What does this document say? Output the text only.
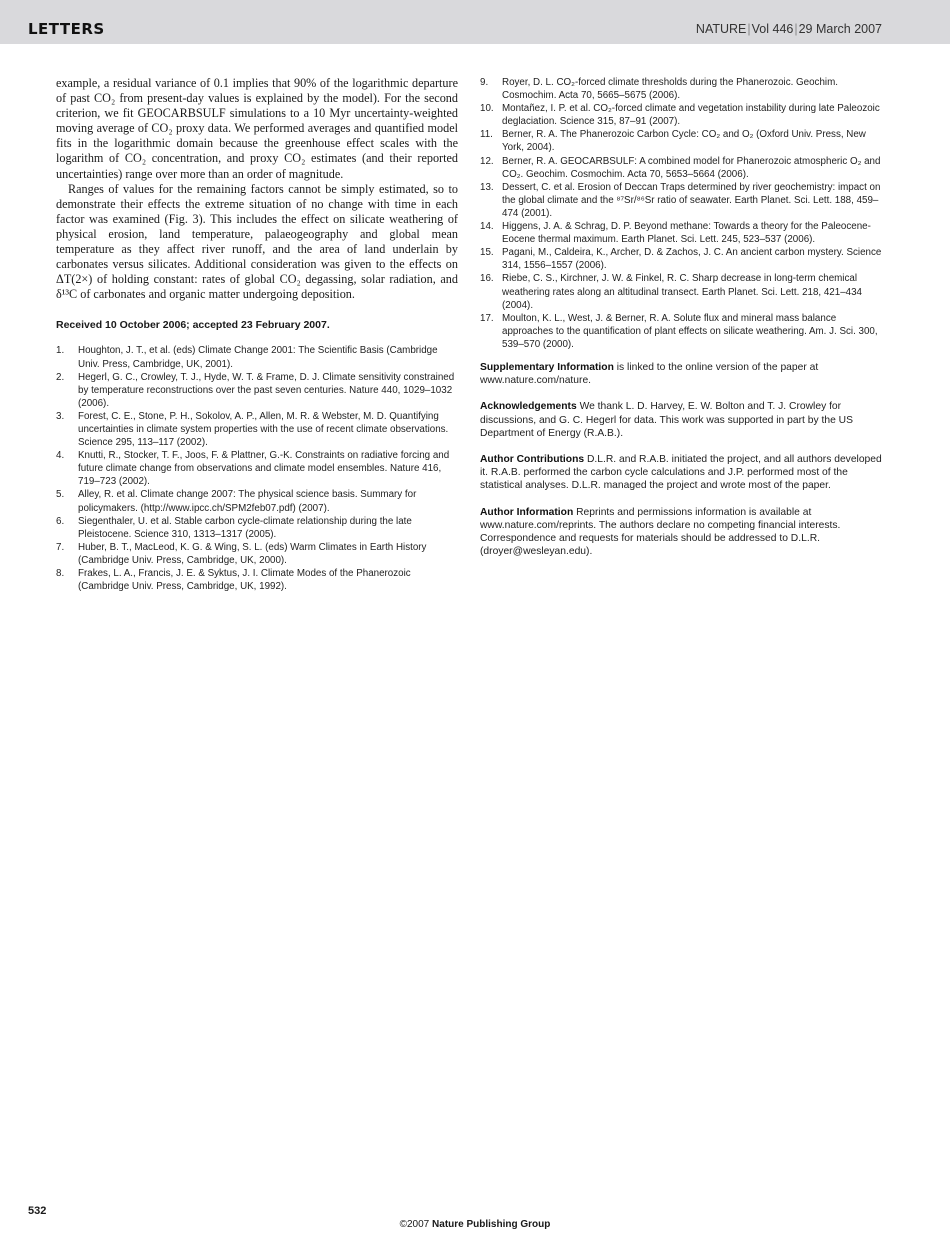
LETTERS	NATURE|Vol 446|29 March 2007

example, a residual variance of 0.1 implies that 90% of the logarithmic departure of past CO₂ from present-day values is explained by the model). For the second criterion, we fit GEOCARBSULF simulations to a 10 Myr uncertainty-weighted moving average of CO₂ proxy data. We performed averages and quantified model fits in the logarithmic domain because the greenhouse effect scales with the logarithm of CO₂ concentration, and proxy CO₂ estimates (and their reported uncertainties) range over more than an order of magnitude.

Ranges of values for the remaining factors cannot be simply estimated, so to demonstrate their effects the extreme situation of no change with time in each factor was examined (Fig. 3). This includes the effect on silicate weathering of physical erosion, land temperature, palaeogeography and global mean temperature as they affect river runoff, and the area of land underlain by carbonates versus silicates. Additional consideration was given to the effects on ΔT(2×) of holding constant: rates of global CO₂ degassing, solar radiation, and δ¹³C of carbonates and organic matter undergoing deposition.

Received 10 October 2006; accepted 23 February 2007.
1. Houghton, J. T., et al. (eds) Climate Change 2001: The Scientific Basis (Cambridge Univ. Press, Cambridge, UK, 2001).
2. Hegerl, G. C., Crowley, T. J., Hyde, W. T. & Frame, D. J. Climate sensitivity constrained by temperature reconstructions over the past seven centuries. Nature 440, 1029–1032 (2006).
3. Forest, C. E., Stone, P. H., Sokolov, A. P., Allen, M. R. & Webster, M. D. Quantifying uncertainties in climate system properties with the use of recent climate observations. Science 295, 113–117 (2002).
4. Knutti, R., Stocker, T. F., Joos, F. & Plattner, G.-K. Constraints on radiative forcing and future climate change from observations and climate model ensembles. Nature 416, 719–723 (2002).
5. Alley, R. et al. Climate change 2007: The physical science basis. Summary for policymakers. (http://www.ipcc.ch/SPM2feb07.pdf) (2007).
6. Siegenthaler, U. et al. Stable carbon cycle-climate relationship during the late Pleistocene. Science 310, 1313–1317 (2005).
7. Huber, B. T., MacLeod, K. G. & Wing, S. L. (eds) Warm Climates in Earth History (Cambridge Univ. Press, Cambridge, UK, 2000).
8. Frakes, L. A., Francis, J. E. & Syktus, J. I. Climate Modes of the Phanerozoic (Cambridge Univ. Press, Cambridge, UK, 1992).
9. Royer, D. L. CO₂-forced climate thresholds during the Phanerozoic. Geochim. Cosmochim. Acta 70, 5665–5675 (2006).
10. Montañez, I. P. et al. CO₂-forced climate and vegetation instability during late Paleozoic deglaciation. Science 315, 87–91 (2007).
11. Berner, R. A. The Phanerozoic Carbon Cycle: CO₂ and O₂ (Oxford Univ. Press, New York, 2004).
12. Berner, R. A. GEOCARBSULF: A combined model for Phanerozoic atmospheric O₂ and CO₂. Geochim. Cosmochim. Acta 70, 5653–5664 (2006).
13. Dessert, C. et al. Erosion of Deccan Traps determined by river geochemistry: impact on the global climate and the ⁸⁷Sr/⁸⁶Sr ratio of seawater. Earth Planet. Sci. Lett. 188, 459–474 (2001).
14. Higgens, J. A. & Schrag, D. P. Beyond methane: Towards a theory for the Paleocene-Eocene thermal maximum. Earth Planet. Sci. Lett. 245, 523–537 (2006).
15. Pagani, M., Caldeira, K., Archer, D. & Zachos, J. C. An ancient carbon mystery. Science 314, 1556–1557 (2006).
16. Riebe, C. S., Kirchner, J. W. & Finkel, R. C. Sharp decrease in long-term chemical weathering rates along an altitudinal transect. Earth Planet. Sci. Lett. 218, 421–434 (2004).
17. Moulton, K. L., West, J. & Berner, R. A. Solute flux and mineral mass balance approaches to the quantification of plant effects on silicate weathering. Am. J. Sci. 300, 539–570 (2000).

Supplementary Information is linked to the online version of the paper at www.nature.com/nature.

Acknowledgements We thank L. D. Harvey, E. W. Bolton and T. J. Crowley for discussions, and G. C. Hegerl for data. This work was supported in part by the US Department of Energy (R.A.B.).

Author Contributions D.L.R. and R.A.B. initiated the project, and all authors developed it. R.A.B. performed the carbon cycle calculations and J.P. performed most of the statistical analyses. D.L.R. managed the project and wrote most of the paper.

Author Information Reprints and permissions information is available at www.nature.com/reprints. The authors declare no competing financial interests. Correspondence and requests for materials should be addressed to D.L.R. (droyer@wesleyan.edu).

532
©2007 Nature Publishing Group
